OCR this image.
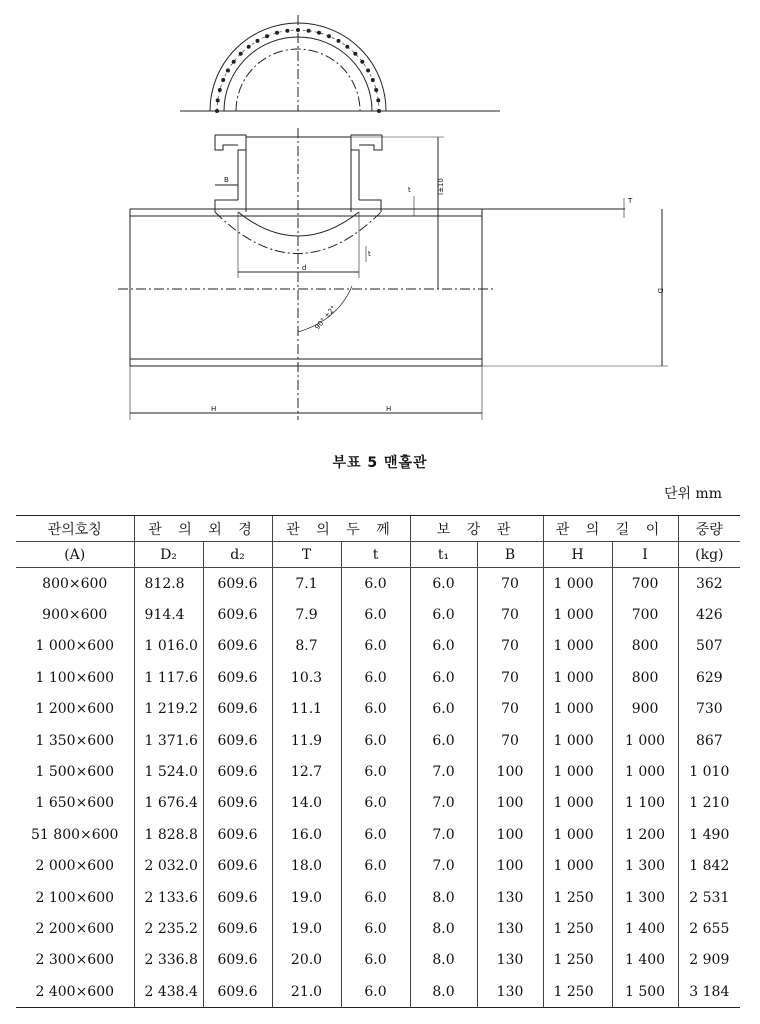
B
d
t
t
T
I±10
D
90° ±2°
H	H
부표 5 맨홀관
단위 mm
관의호칭	관 의 외 경		관 의 두 께		보 강 관		관 의 길 이		중량
(A)	D₂	d₂	T	t	t₁	B	H	I	(kg)
800×600	812.8	609.6	7.1	6.0	6.0	70	1 000	700	362
900×600	914.4	609.6	7.9	6.0	6.0	70	1 000	700	426
1 000×600	1 016.0	609.6	8.7	6.0	6.0	70	1 000	800	507
1 100×600	1 117.6	609.6	10.3	6.0	6.0	70	1 000	800	629
1 200×600	1 219.2	609.6	11.1	6.0	6.0	70	1 000	900	730
1 350×600	1 371.6	609.6	11.9	6.0	6.0	70	1 000	1 000	867
1 500×600	1 524.0	609.6	12.7	6.0	7.0	100	1 000	1 000	1 010
1 650×600	1 676.4	609.6	14.0	6.0	7.0	100	1 000	1 100	1 210
51 800×600	1 828.8	609.6	16.0	6.0	7.0	100	1 000	1 200	1 490
2 000×600	2 032.0	609.6	18.0	6.0	7.0	100	1 000	1 300	1 842
2 100×600	2 133.6	609.6	19.0	6.0	8.0	130	1 250	1 300	2 531
2 200×600	2 235.2	609.6	19.0	6.0	8.0	130	1 250	1 400	2 655
2 300×600	2 336.8	609.6	20.0	6.0	8.0	130	1 250	1 400	2 909
2 400×600	2 438.4	609.6	21.0	6.0	8.0	130	1 250	1 500	3 184
